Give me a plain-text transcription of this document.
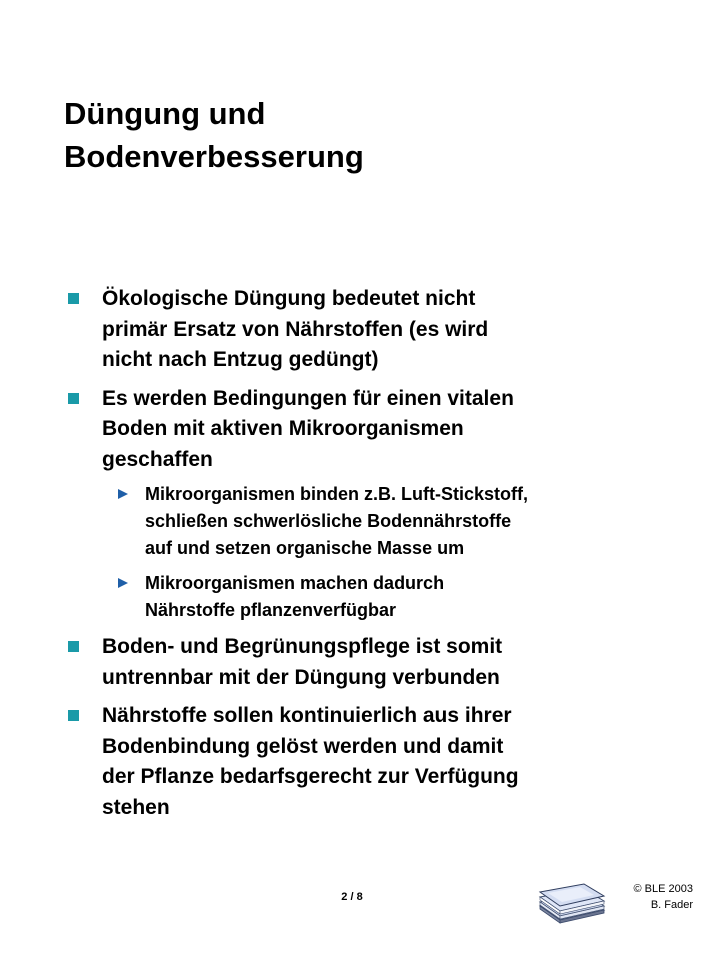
Düngung und
Bodenverbesserung
Ökologische Düngung bedeutet nicht
primär Ersatz von Nährstoffen (es wird
nicht nach Entzug gedüngt)
Es werden Bedingungen für einen vitalen
Boden mit aktiven Mikroorganismen
geschaffen
Mikroorganismen binden z.B. Luft-Stickstoff,
schließen schwerlösliche Bodennährstoffe
auf und setzen organische Masse um
Mikroorganismen machen dadurch
Nährstoffe pflanzenverfügbar
Boden- und Begrünungspflege ist somit
untrennbar mit der Düngung verbunden
Nährstoffe sollen kontinuierlich aus ihrer
Bodenbindung gelöst werden und damit
der Pflanze bedarfsgerecht zur Verfügung
stehen
2 / 8
© BLE 2003
B. Fader
